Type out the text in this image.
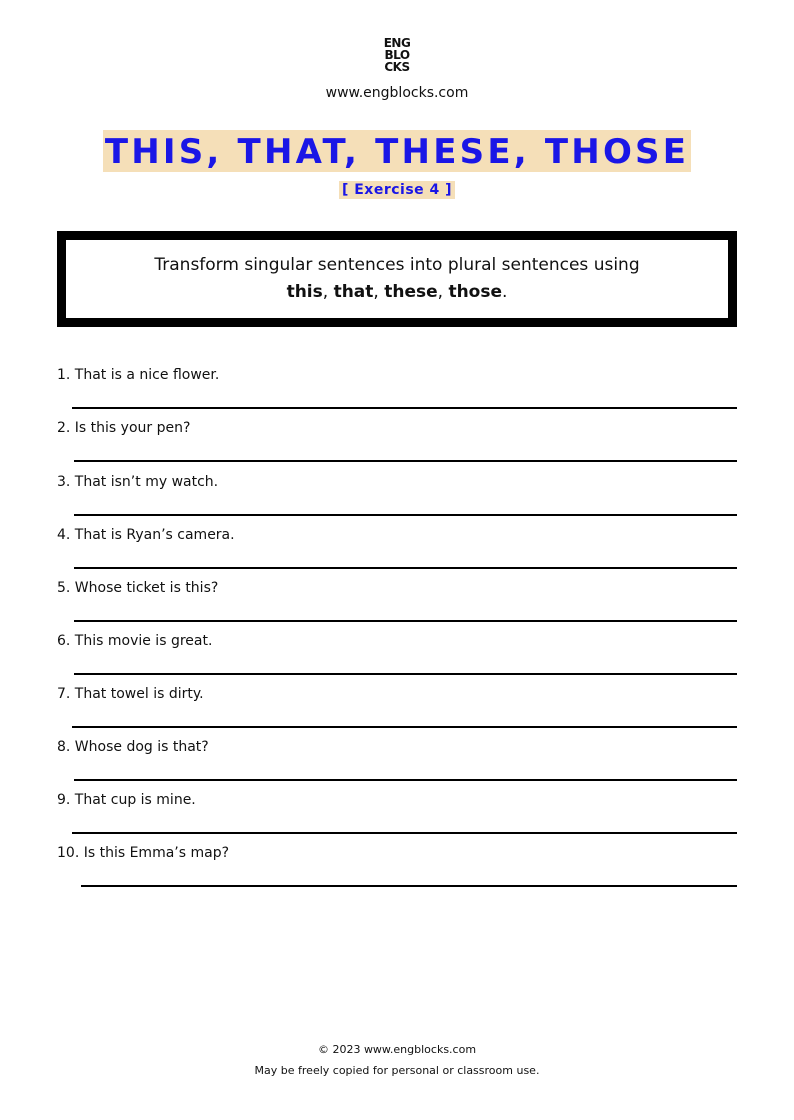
ENG
BLO
CKS
www.engblocks.com
THIS, THAT, THESE, THOSE
[ Exercise 4 ]
Transform singular sentences into plural sentences using
this, that, these, those.
1. That is a nice flower.
2. Is this your pen?
3. That isn’t my watch.
4. That is Ryan’s camera.
5. Whose ticket is this?
6. This movie is great.
7. That towel is dirty.
8. Whose dog is that?
9. That cup is mine.
10. Is this Emma’s map?
© 2023 www.engblocks.com
May be freely copied for personal or classroom use.
